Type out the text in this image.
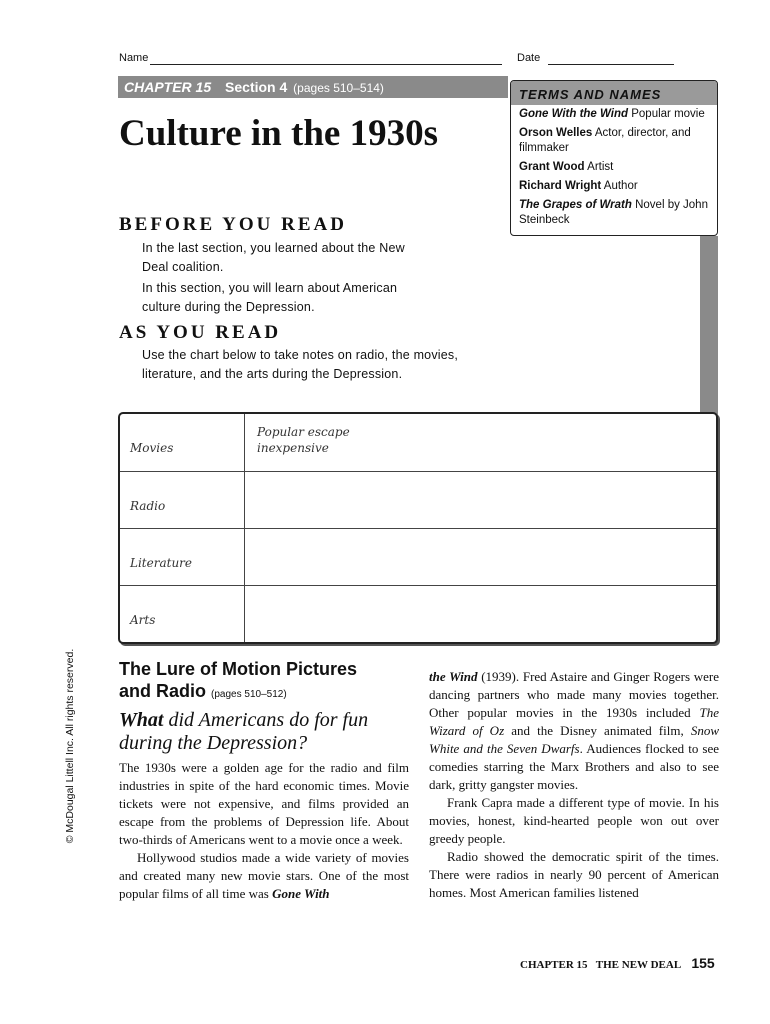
Name	Date
CHAPTER 15 Section 4 (pages 510–514)	TERMS AND NAMES
Gone With the Wind Popular movie
Orson Welles Actor, director, and filmmaker
Grant Wood Artist
Richard Wright Author
The Grapes of Wrath Novel by John Steinbeck
Culture in the 1930s
BEFORE YOU READ
In the last section, you learned about the New Deal coalition.
In this section, you will learn about American culture during the Depression.
AS YOU READ
Use the chart below to take notes on radio, the movies, literature, and the arts during the Depression.
Movies	Popular escape
inexpensive

Radio	

Literature	

Arts	

© McDougal Littell Inc. All rights reserved. The Lure of Motion Pictures
and Radio (pages 510–512)
What did Americans do for fun during the Depression?

The 1930s were a golden age for the radio and film industries in spite of the hard economic times. Movie tickets were not expensive, and films provided an escape from the problems of Depression life. About two-thirds of Americans went to a movie once a week.

Hollywood studios made a wide variety of movies and created many new movie stars. One of the most popular films of all time was Gone With

the Wind (1939). Fred Astaire and Ginger Rogers were dancing partners who made many movies together. Other popular movies in the 1930s included The Wizard of Oz and the Disney animated film, Snow White and the Seven Dwarfs. Audiences flocked to see comedies starring the Marx Brothers and also to see dark, gritty gangster movies.

Frank Capra made a different type of movie. In his movies, honest, kind-hearted people won out over greedy people.

Radio showed the democratic spirit of the times. There were radios in nearly 90 percent of American homes. Most American families listened

CHAPTER 15 THE NEW DEAL 155
